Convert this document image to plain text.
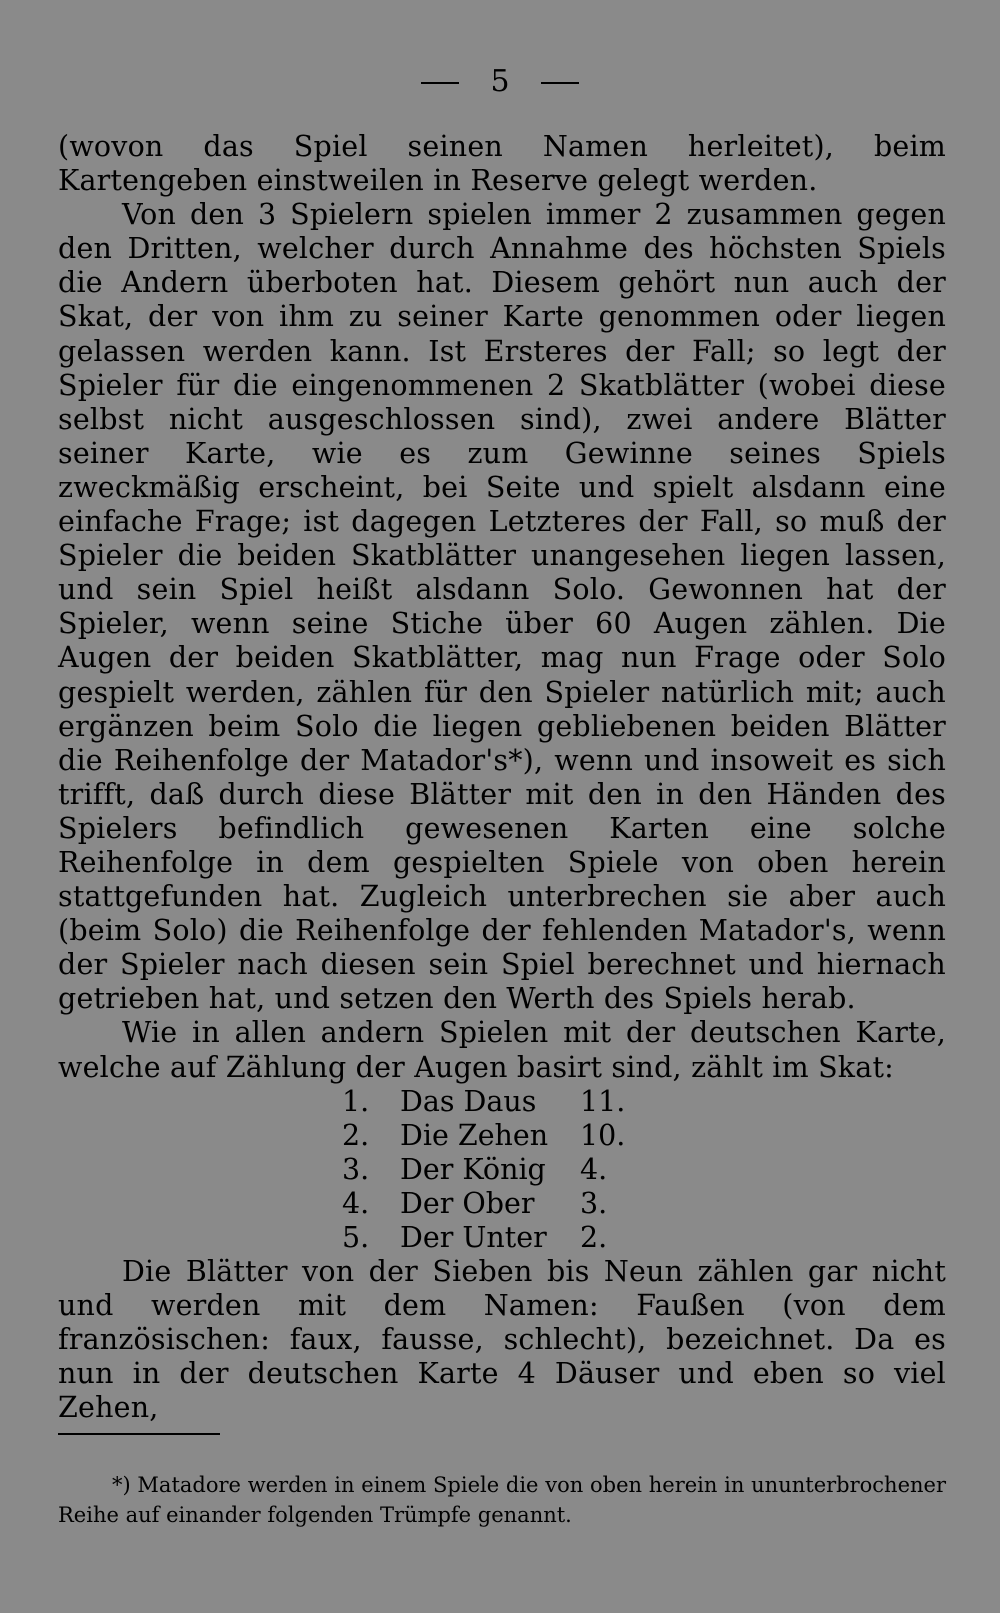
5

(wovon das Spiel seinen Namen herleitet), beim Kartengeben einstweilen in Reserve gelegt werden.

Von den 3 Spielern spielen immer 2 zusammen gegen den Dritten, welcher durch Annahme des höchsten Spiels die Andern überboten hat. Diesem gehört nun auch der Skat, der von ihm zu seiner Karte genommen oder liegen gelassen werden kann. Ist Ersteres der Fall; so legt der Spieler für die eingenommenen 2 Skatblätter (wobei diese selbst nicht ausgeschlossen sind), zwei andere Blätter seiner Karte, wie es zum Gewinne seines Spiels zweckmäßig erscheint, bei Seite und spielt alsdann eine einfache Frage; ist dagegen Letzteres der Fall, so muß der Spieler die beiden Skatblätter unangesehen liegen lassen, und sein Spiel heißt alsdann Solo. Gewonnen hat der Spieler, wenn seine Stiche über 60 Augen zählen. Die Augen der beiden Skatblätter, mag nun Frage oder Solo gespielt werden, zählen für den Spieler natürlich mit; auch ergänzen beim Solo die liegen gebliebenen beiden Blätter die Reihenfolge der Matador's*), wenn und insoweit es sich trifft, daß durch diese Blätter mit den in den Händen des Spielers befindlich gewesenen Karten eine solche Reihenfolge in dem gespielten Spiele von oben herein stattgefunden hat. Zugleich unterbrechen sie aber auch (beim Solo) die Reihenfolge der fehlenden Matador's, wenn der Spieler nach diesen sein Spiel berechnet und hiernach getrieben hat, und setzen den Werth des Spiels herab.

Wie in allen andern Spielen mit der deutschen Karte, welche auf Zählung der Augen basirt sind, zählt im Skat:

1.	Das Daus	11.
2.	Die Zehen	10.
3.	Der König	4.
4.	Der Ober	3.
5.	Der Unter	2.

Die Blätter von der Sieben bis Neun zählen gar nicht und werden mit dem Namen: Faußen (von dem französischen: faux, fausse, schlecht), bezeichnet. Da es nun in der deutschen Karte 4 Däuser und eben so viel Zehen,

*) Matadore werden in einem Spiele die von oben herein in ununterbrochener Reihe auf einander folgenden Trümpfe genannt.
